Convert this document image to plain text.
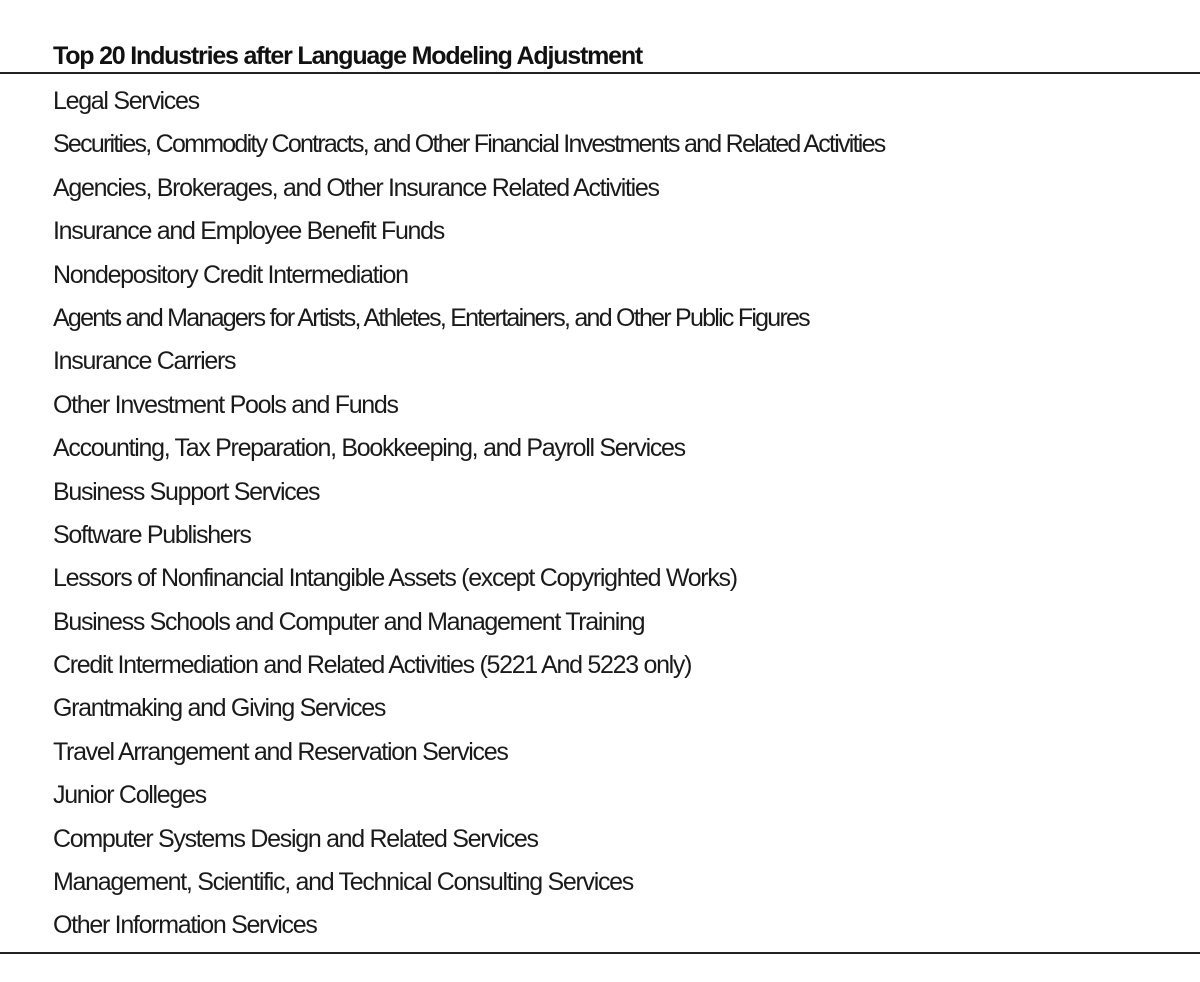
Top 20 Industries after Language Modeling Adjustment
Legal Services
Securities, Commodity Contracts, and Other Financial Investments and Related Activities
Agencies, Brokerages, and Other Insurance Related Activities
Insurance and Employee Benefit Funds
Nondepository Credit Intermediation
Agents and Managers for Artists, Athletes, Entertainers, and Other Public Figures
Insurance Carriers
Other Investment Pools and Funds
Accounting, Tax Preparation, Bookkeeping, and Payroll Services
Business Support Services
Software Publishers
Lessors of Nonfinancial Intangible Assets (except Copyrighted Works)
Business Schools and Computer and Management Training
Credit Intermediation and Related Activities (5221 And 5223 only)
Grantmaking and Giving Services
Travel Arrangement and Reservation Services
Junior Colleges
Computer Systems Design and Related Services
Management, Scientific, and Technical Consulting Services
Other Information Services
